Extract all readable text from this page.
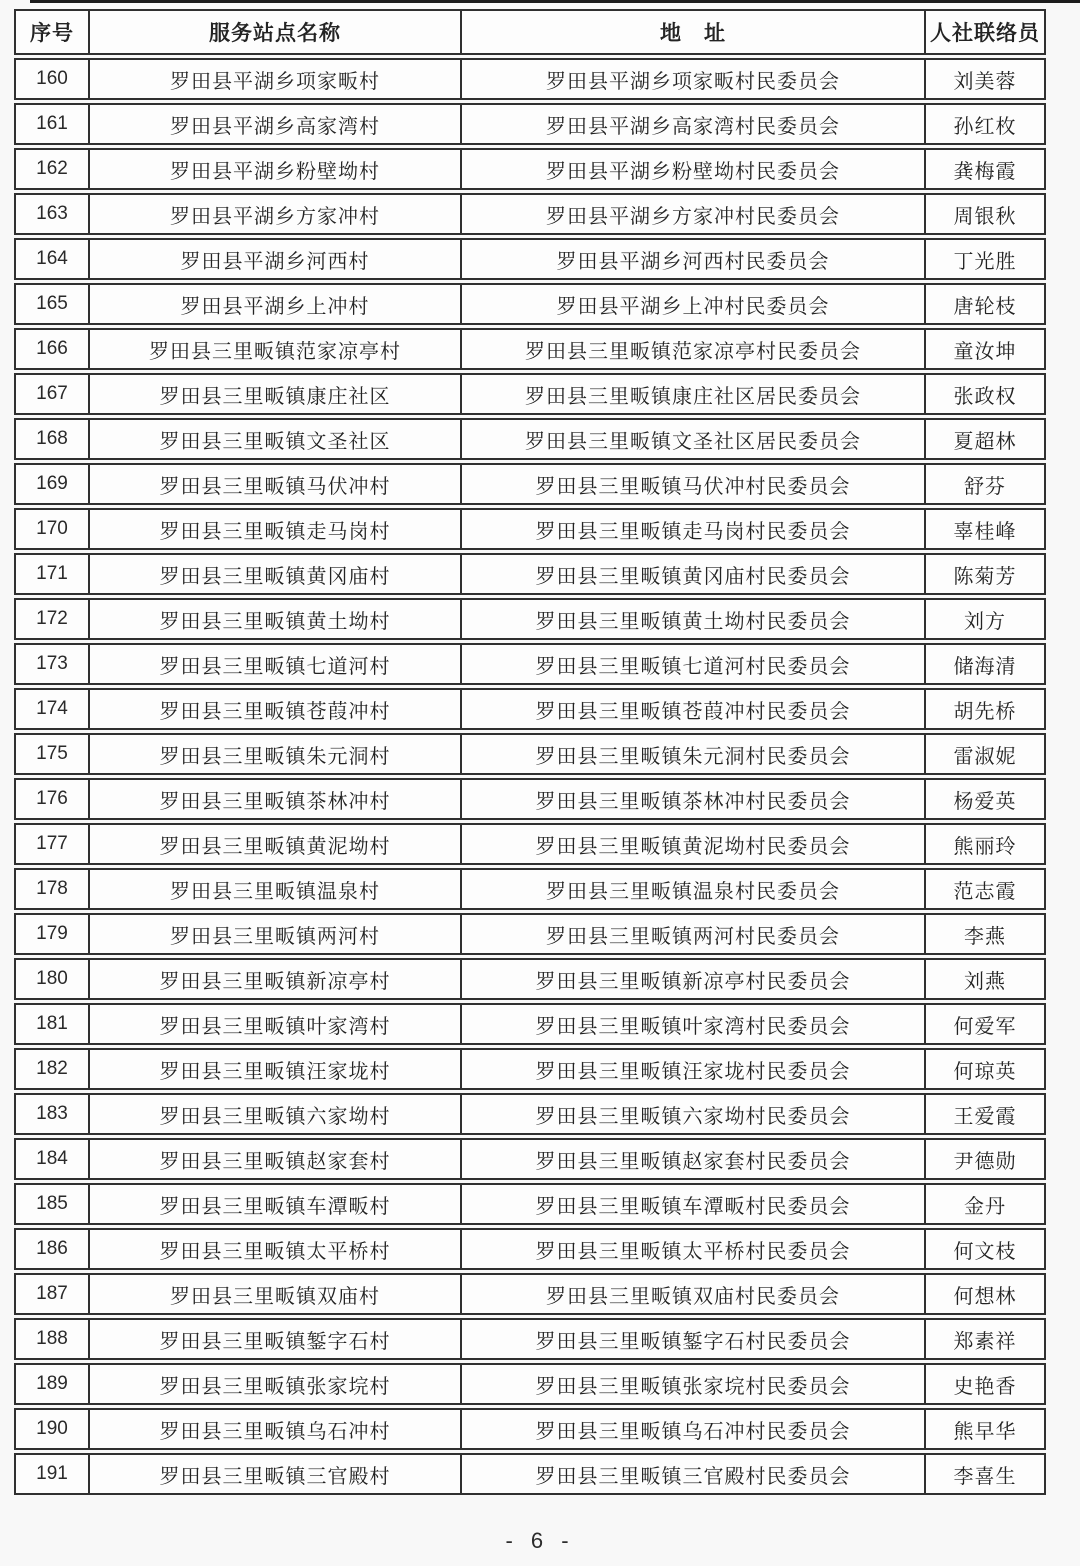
序号	服务站点名称	地　址	人社联络员
160	罗田县平湖乡项家畈村	罗田县平湖乡项家畈村民委员会	刘美蓉
161	罗田县平湖乡高家湾村	罗田县平湖乡高家湾村民委员会	孙红枚
162	罗田县平湖乡粉壁坳村	罗田县平湖乡粉壁坳村民委员会	龚梅霞
163	罗田县平湖乡方家冲村	罗田县平湖乡方家冲村民委员会	周银秋
164	罗田县平湖乡河西村	罗田县平湖乡河西村民委员会	丁光胜
165	罗田县平湖乡上冲村	罗田县平湖乡上冲村民委员会	唐轮枝
166	罗田县三里畈镇范家凉亭村	罗田县三里畈镇范家凉亭村民委员会	童汝坤
167	罗田县三里畈镇康庄社区	罗田县三里畈镇康庄社区居民委员会	张政权
168	罗田县三里畈镇文圣社区	罗田县三里畈镇文圣社区居民委员会	夏超林
169	罗田县三里畈镇马伏冲村	罗田县三里畈镇马伏冲村民委员会	舒芬
170	罗田县三里畈镇走马岗村	罗田县三里畈镇走马岗村民委员会	辜桂峰
171	罗田县三里畈镇黄冈庙村	罗田县三里畈镇黄冈庙村民委员会	陈菊芳
172	罗田县三里畈镇黄土坳村	罗田县三里畈镇黄土坳村民委员会	刘方
173	罗田县三里畈镇七道河村	罗田县三里畈镇七道河村民委员会	储海清
174	罗田县三里畈镇苍葭冲村	罗田县三里畈镇苍葭冲村民委员会	胡先桥
175	罗田县三里畈镇朱元洞村	罗田县三里畈镇朱元洞村民委员会	雷淑妮
176	罗田县三里畈镇茶林冲村	罗田县三里畈镇茶林冲村民委员会	杨爱英
177	罗田县三里畈镇黄泥坳村	罗田县三里畈镇黄泥坳村民委员会	熊丽玲
178	罗田县三里畈镇温泉村	罗田县三里畈镇温泉村民委员会	范志霞
179	罗田县三里畈镇两河村	罗田县三里畈镇两河村民委员会	李燕
180	罗田县三里畈镇新凉亭村	罗田县三里畈镇新凉亭村民委员会	刘燕
181	罗田县三里畈镇叶家湾村	罗田县三里畈镇叶家湾村民委员会	何爱军
182	罗田县三里畈镇汪家垅村	罗田县三里畈镇汪家垅村民委员会	何琼英
183	罗田县三里畈镇六家坳村	罗田县三里畈镇六家坳村民委员会	王爱霞
184	罗田县三里畈镇赵家套村	罗田县三里畈镇赵家套村民委员会	尹德勋
185	罗田县三里畈镇车潭畈村	罗田县三里畈镇车潭畈村民委员会	金丹
186	罗田县三里畈镇太平桥村	罗田县三里畈镇太平桥村民委员会	何文枝
187	罗田县三里畈镇双庙村	罗田县三里畈镇双庙村民委员会	何想林
188	罗田县三里畈镇錾字石村	罗田县三里畈镇錾字石村民委员会	郑素祥
189	罗田县三里畈镇张家垸村	罗田县三里畈镇张家垸村民委员会	史艳香
190	罗田县三里畈镇乌石冲村	罗田县三里畈镇乌石冲村民委员会	熊早华
191	罗田县三里畈镇三官殿村	罗田县三里畈镇三官殿村民委员会	李喜生
- 6 -
